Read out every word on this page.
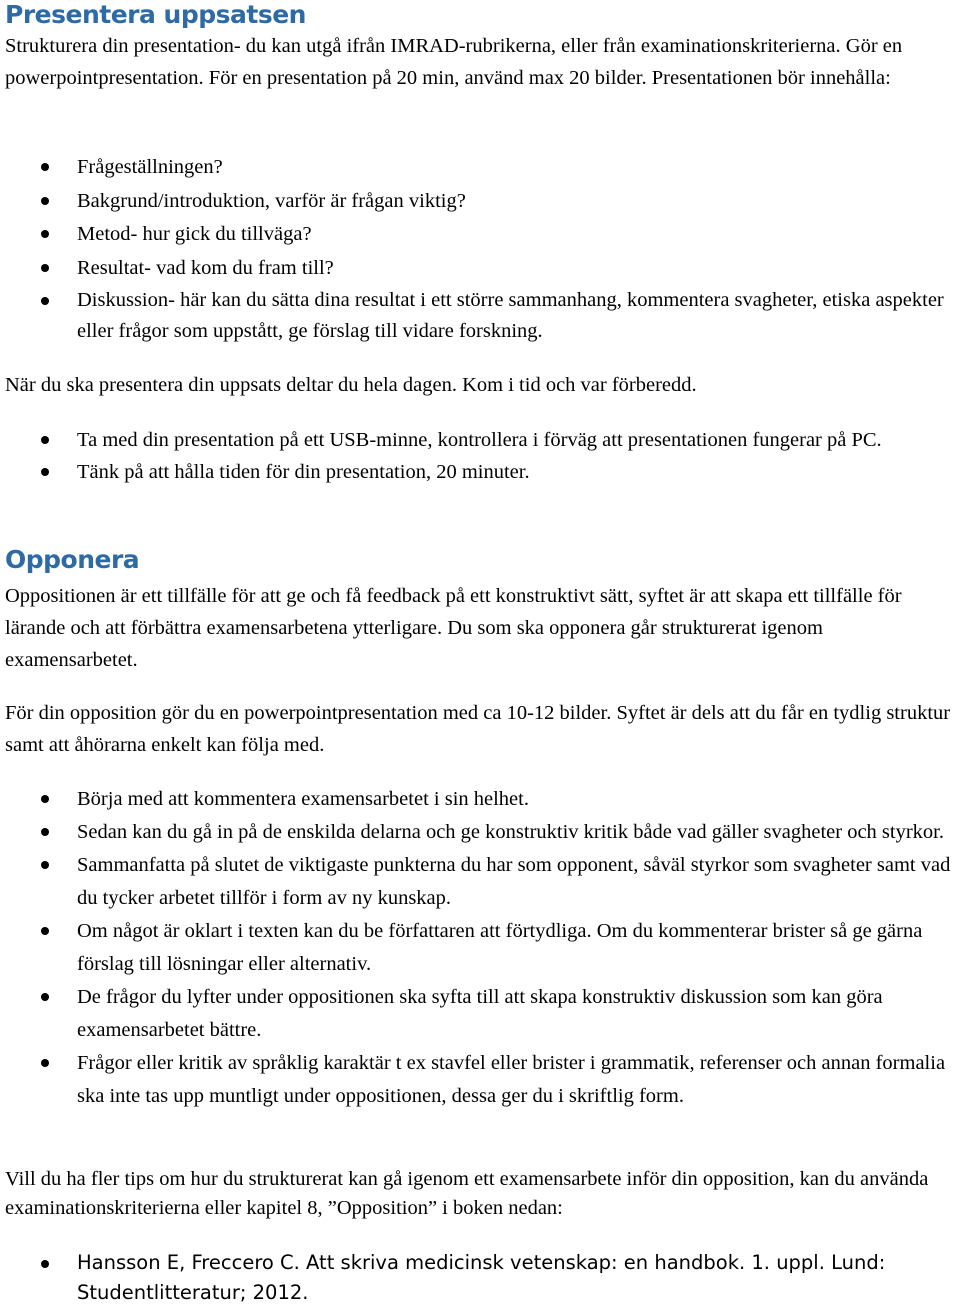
Presentera uppsatsen

Strukturera din presentation- du kan utgå ifrån IMRAD-rubrikerna, eller från examinationskriterierna. Gör en powerpointpresentation. För en presentation på 20 min, använd max 20 bilder. Presentationen bör innehålla:

Frågeställningen?
Bakgrund/introduktion, varför är frågan viktig?
Metod- hur gick du tillväga?
Resultat- vad kom du fram till?
Diskussion- här kan du sätta dina resultat i ett större sammanhang, kommentera svagheter, etiska aspekter eller frågor som uppstått, ge förslag till vidare forskning.

När du ska presentera din uppsats deltar du hela dagen. Kom i tid och var förberedd.

Ta med din presentation på ett USB-minne, kontrollera i förväg att presentationen fungerar på PC.
Tänk på att hålla tiden för din presentation, 20 minuter.
Opponera

Oppositionen är ett tillfälle för att ge och få feedback på ett konstruktivt sätt, syftet är att skapa ett tillfälle för lärande och att förbättra examensarbetena ytterligare. Du som ska opponera går strukturerat igenom examensarbetet.

För din opposition gör du en powerpointpresentation med ca 10-12 bilder. Syftet är dels att du får en tydlig struktur samt att åhörarna enkelt kan följa med.

Börja med att kommentera examensarbetet i sin helhet.
Sedan kan du gå in på de enskilda delarna och ge konstruktiv kritik både vad gäller svagheter och styrkor.
Sammanfatta på slutet de viktigaste punkterna du har som opponent, såväl styrkor som svagheter samt vad du tycker arbetet tillför i form av ny kunskap.
Om något är oklart i texten kan du be författaren att förtydliga. Om du kommenterar brister så ge gärna förslag till lösningar eller alternativ.
De frågor du lyfter under oppositionen ska syfta till att skapa konstruktiv diskussion som kan göra examensarbetet bättre.
Frågor eller kritik av språklig karaktär t ex stavfel eller brister i grammatik, referenser och annan formalia ska inte tas upp muntligt under oppositionen, dessa ger du i skriftlig form.

Vill du ha fler tips om hur du strukturerat kan gå igenom ett examensarbete inför din opposition, kan du använda examinationskriterierna eller kapitel 8, ”Opposition” i boken nedan:

Hansson E, Freccero C. Att skriva medicinsk vetenskap: en handbok. 1. uppl. Lund: Studentlitteratur; 2012.
